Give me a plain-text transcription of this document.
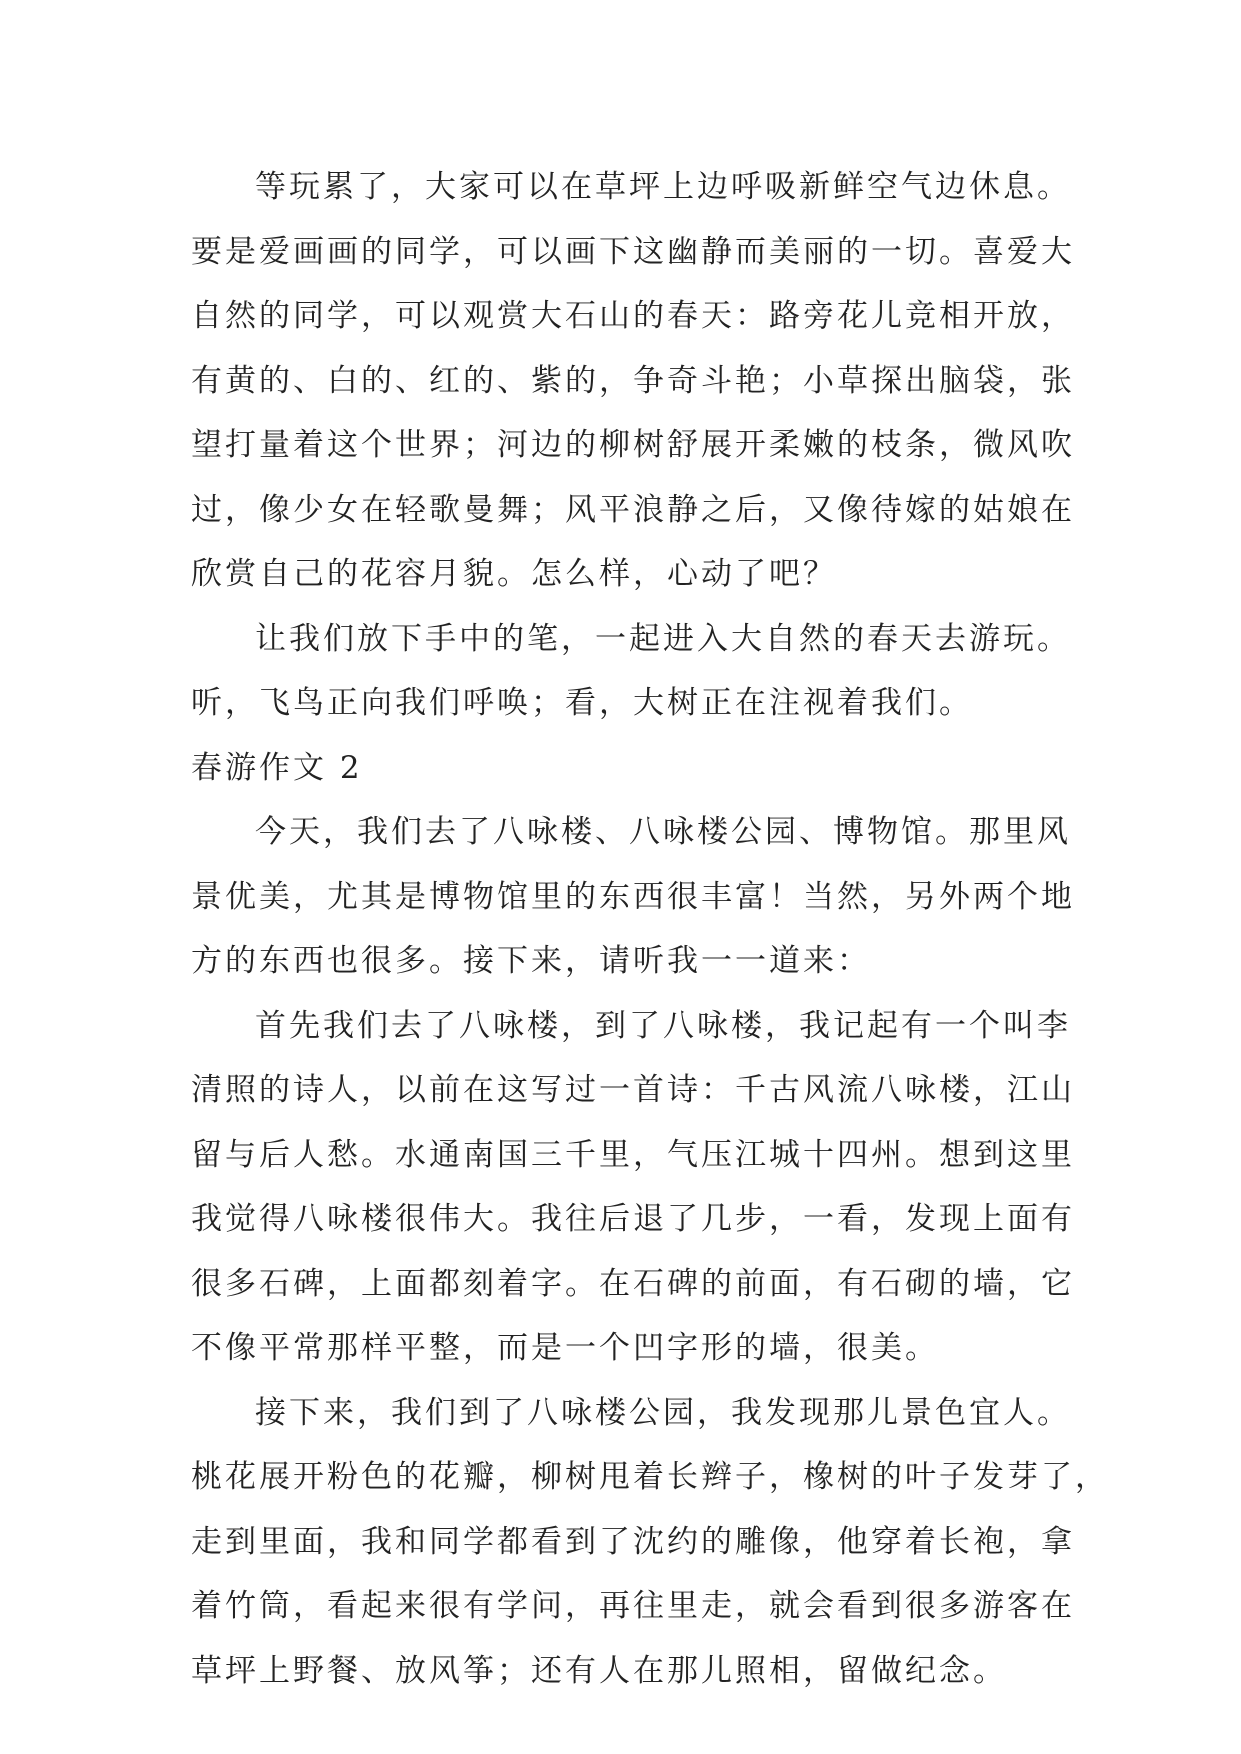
等玩累了，大家可以在草坪上边呼吸新鲜空气边休息。
要是爱画画的同学，可以画下这幽静而美丽的一切。喜爱大
自然的同学，可以观赏大石山的春天：路旁花儿竞相开放，
有黄的、白的、红的、紫的，争奇斗艳；小草探出脑袋，张
望打量着这个世界；河边的柳树舒展开柔嫩的枝条，微风吹
过，像少女在轻歌曼舞；风平浪静之后，又像待嫁的姑娘在
欣赏自己的花容月貌。怎么样，心动了吧？
让我们放下手中的笔，一起进入大自然的春天去游玩。
听，飞鸟正向我们呼唤；看，大树正在注视着我们。
春游作文 2
今天，我们去了八咏楼、八咏楼公园、博物馆。那里风
景优美，尤其是博物馆里的东西很丰富！当然，另外两个地
方的东西也很多。接下来，请听我一一道来：
首先我们去了八咏楼，到了八咏楼，我记起有一个叫李
清照的诗人，以前在这写过一首诗：千古风流八咏楼，江山
留与后人愁。水通南国三千里，气压江城十四州。想到这里
我觉得八咏楼很伟大。我往后退了几步，一看，发现上面有
很多石碑，上面都刻着字。在石碑的前面，有石砌的墙，它
不像平常那样平整，而是一个凹字形的墙，很美。
接下来，我们到了八咏楼公园，我发现那儿景色宜人。
桃花展开粉色的花瓣，柳树甩着长辫子，橡树的叶子发芽了，
走到里面，我和同学都看到了沈约的雕像，他穿着长袍，拿
着竹筒，看起来很有学问，再往里走，就会看到很多游客在
草坪上野餐、放风筝；还有人在那儿照相，留做纪念。
